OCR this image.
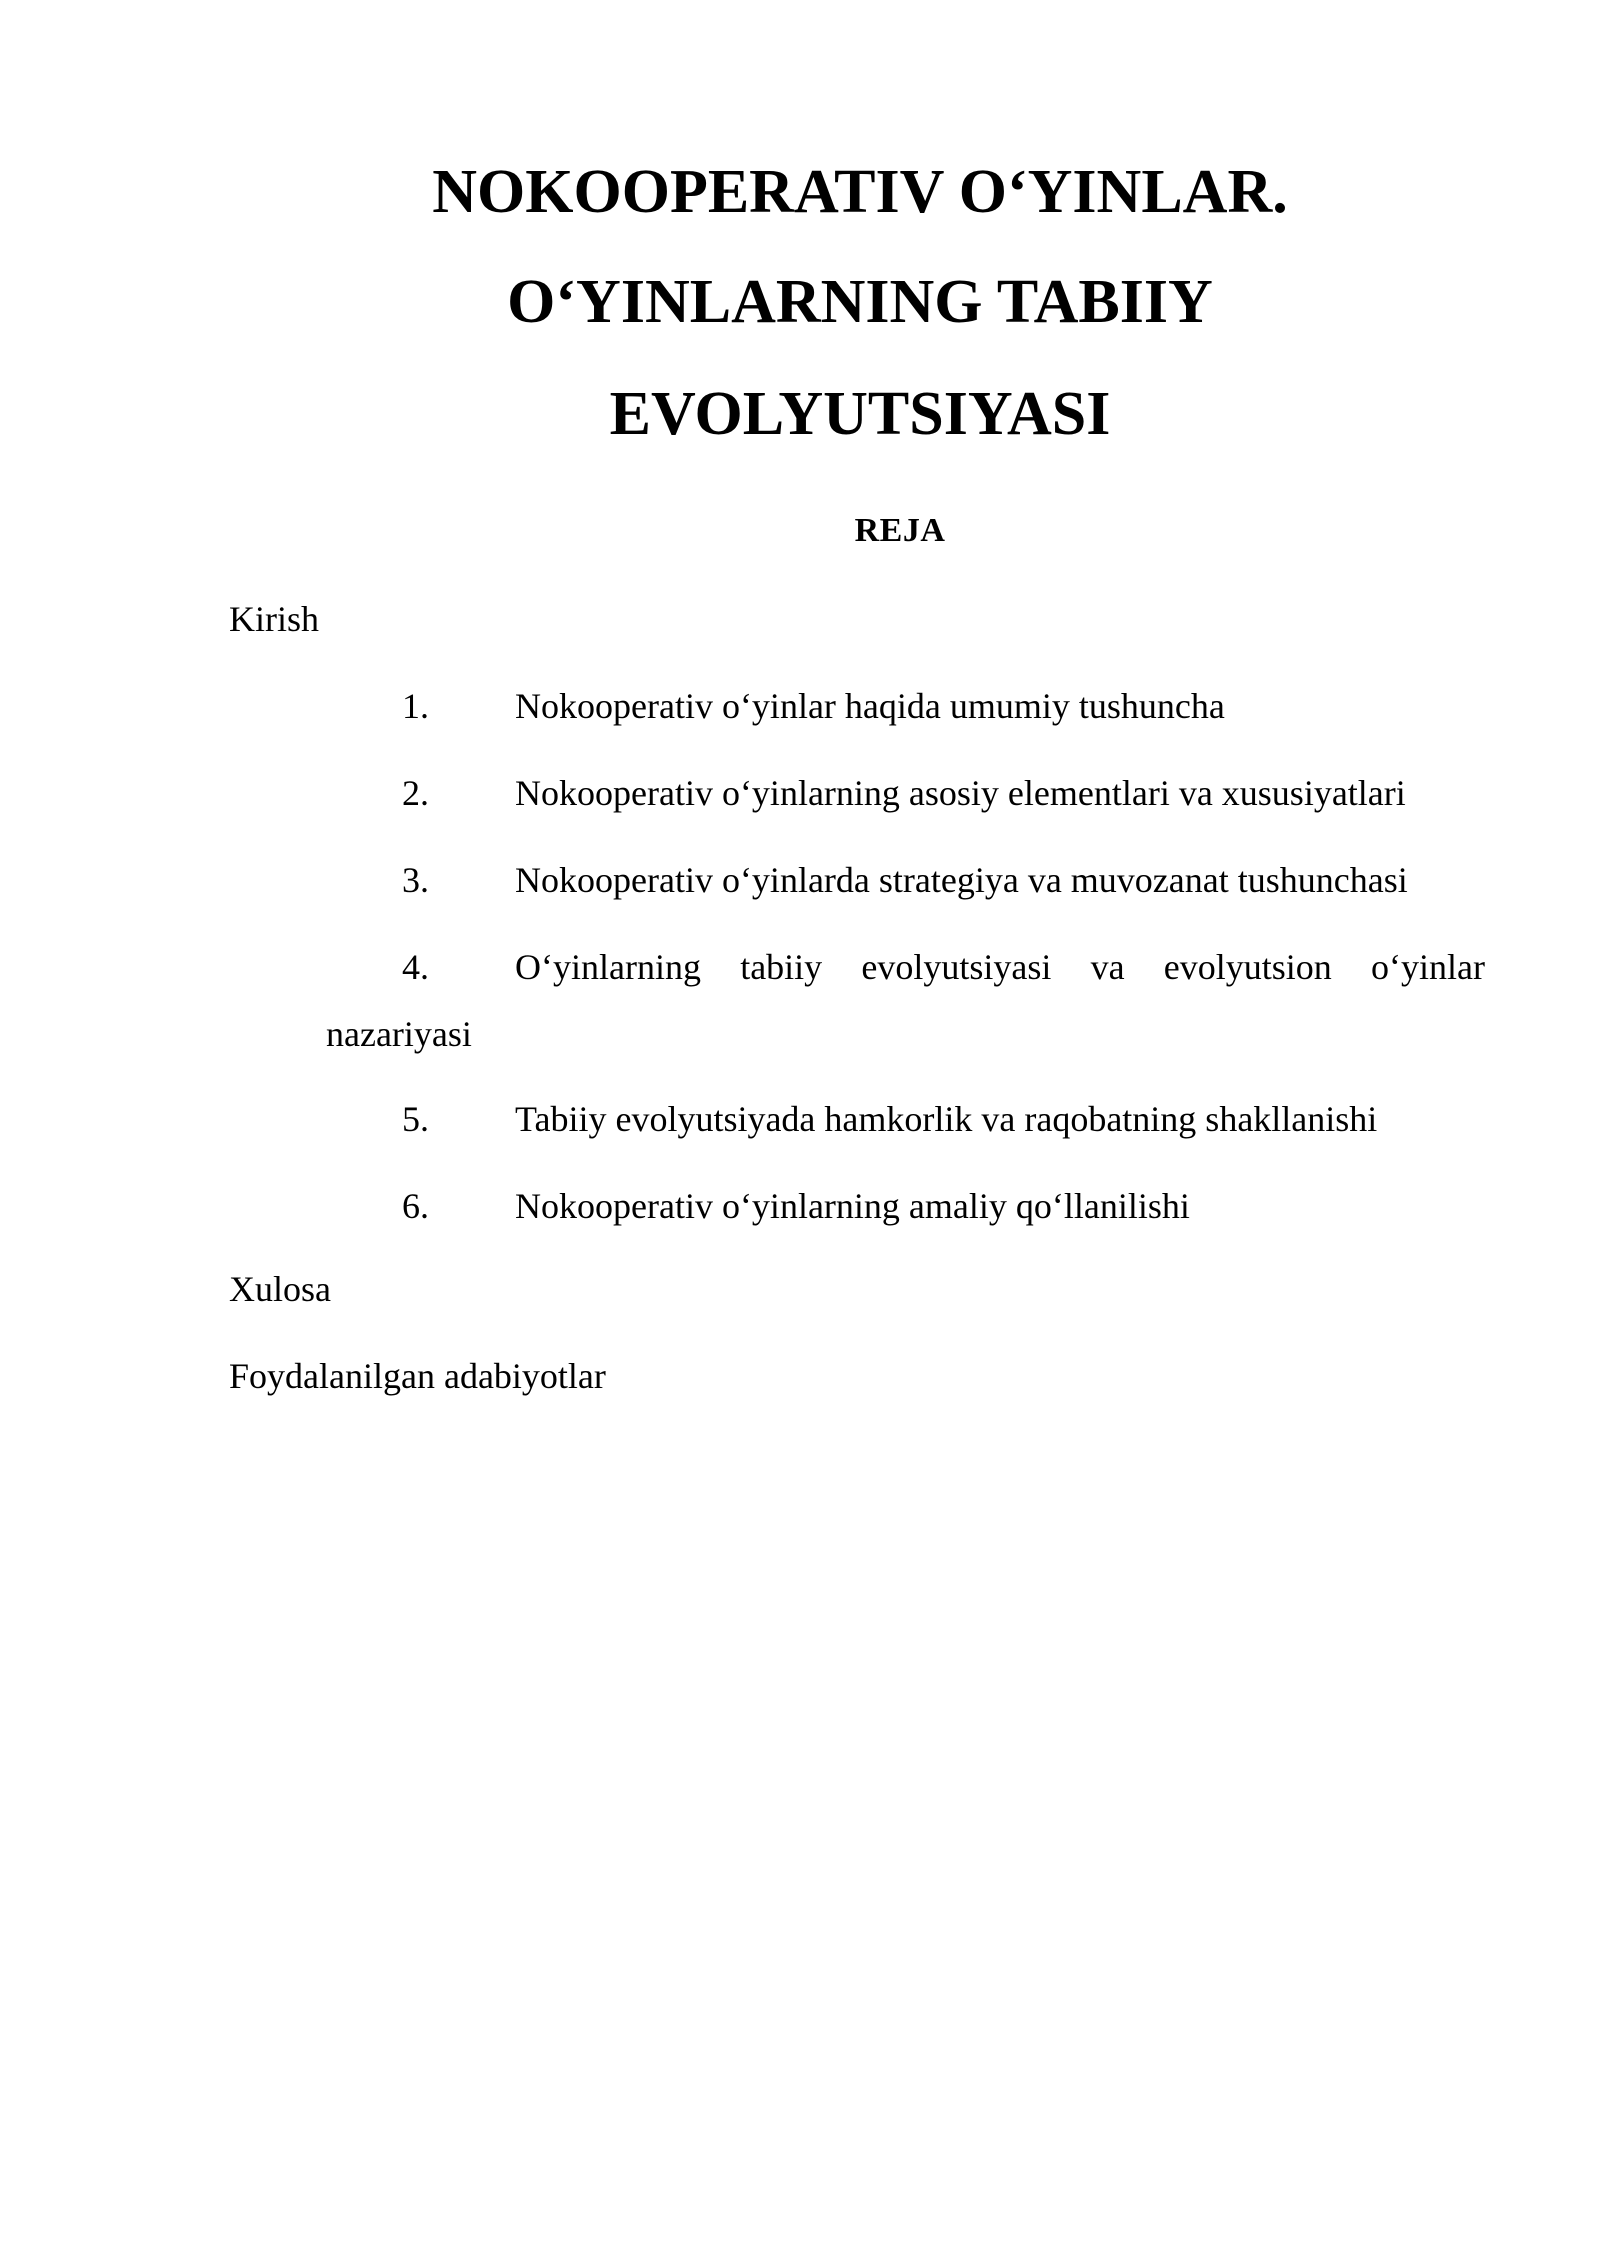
NOKOOPERATIV O‘YINLAR.
O‘YINLARNING TABIIY
EVOLYUTSIYASI
REJA
Kirish
1. Nokooperativ o‘yinlar haqida umumiy tushuncha
2. Nokooperativ o‘yinlarning asosiy elementlari va xususiyatlari
3. Nokooperativ o‘yinlarda strategiya va muvozanat tushunchasi
4. O‘yinlarning tabiiy evolyutsiyasi va evolyutsion o‘yinlar
nazariyasi
5. Tabiiy evolyutsiyada hamkorlik va raqobatning shakllanishi
6. Nokooperativ o‘yinlarning amaliy qo‘llanilishi
Xulosa
Foydalanilgan adabiyotlar
